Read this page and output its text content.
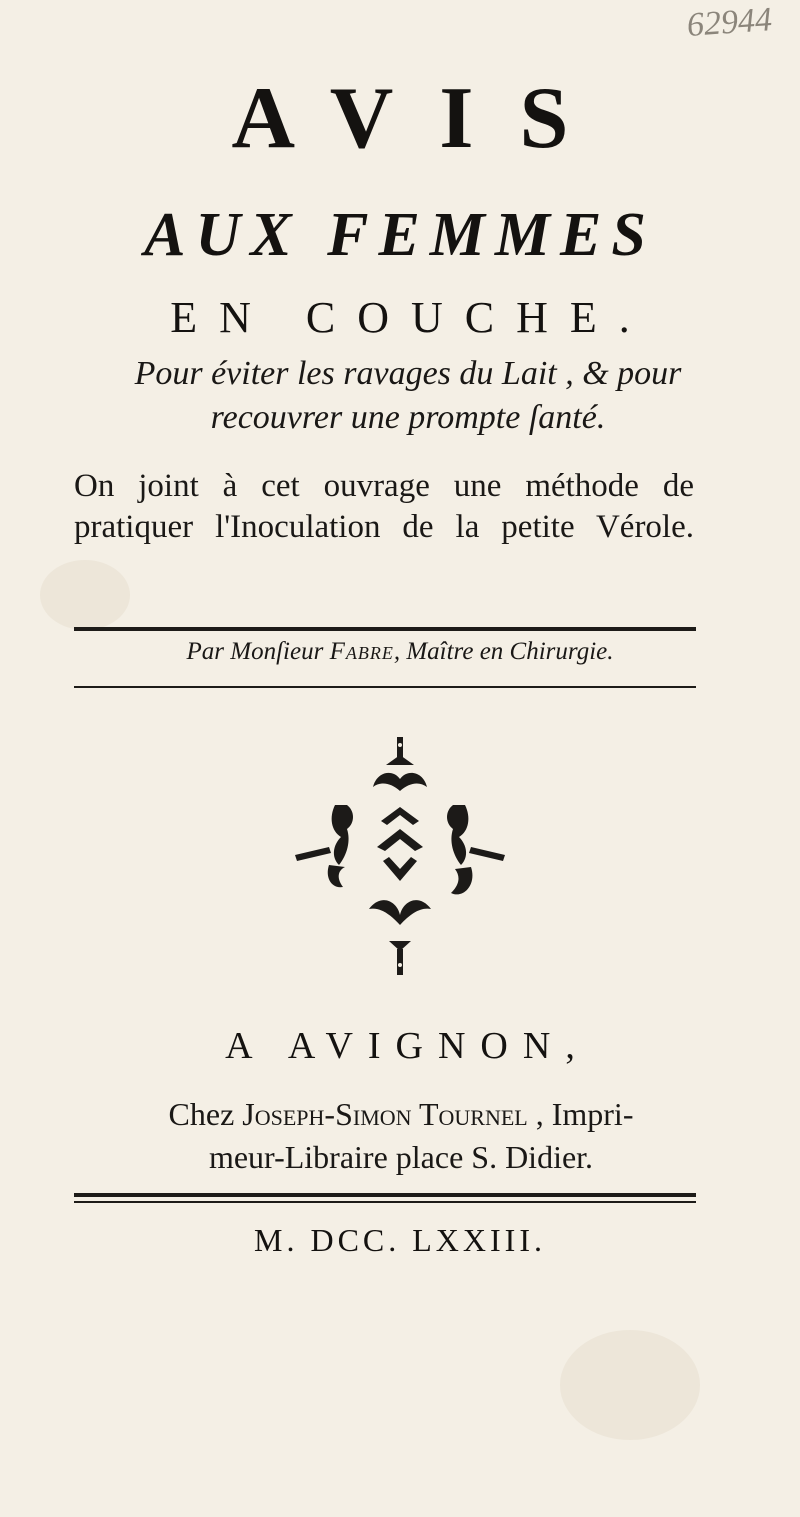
62944
AVIS
AUX FEMMES
EN COUCHE.
Pour éviter les ravages du Lait , & pour recouvrer une prompte ſanté.
On joint à cet ouvrage une méthode de pratiquer l'Inoculation de la petite Vérole.
Par Monſieur Fabre, Maître en Chirurgie.
A AVIGNON,
Chez Joseph-Simon Tournel , Impri-
meur-Libraire place S. Didier.
M. DCC. LXXIII.
